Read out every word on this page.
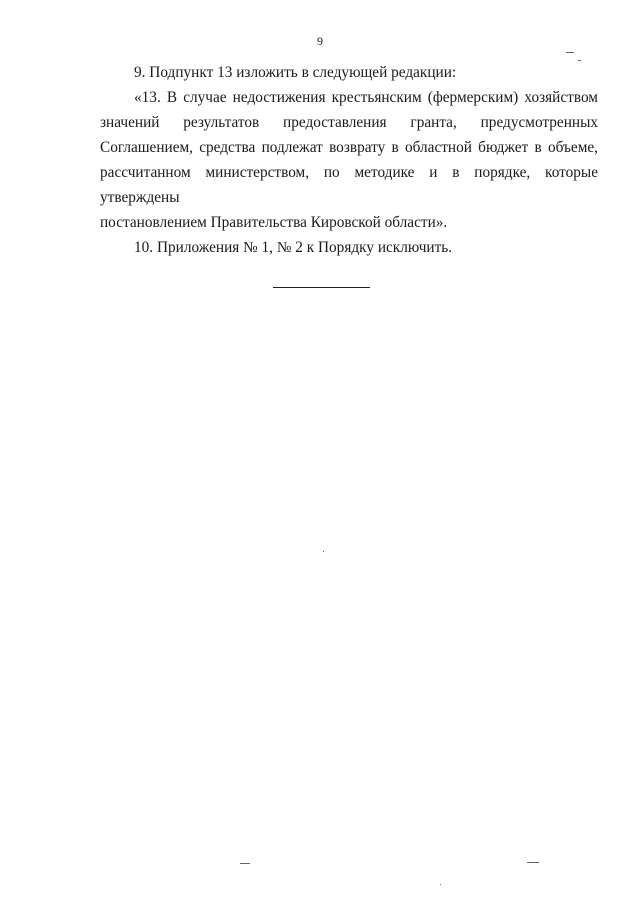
9

9. Подпункт 13 изложить в следующей редакции:

«13. В случае недостижения крестьянским (фермерским) хозяйством
значений результатов предоставления гранта, предусмотренных
Соглашением, средства подлежат возврату в областной бюджет в объеме,
рассчитанном министерством, по методике и в порядке, которые утверждены
постановлением Правительства Кировской области».

10. Приложения № 1, № 2 к Порядку исключить.
